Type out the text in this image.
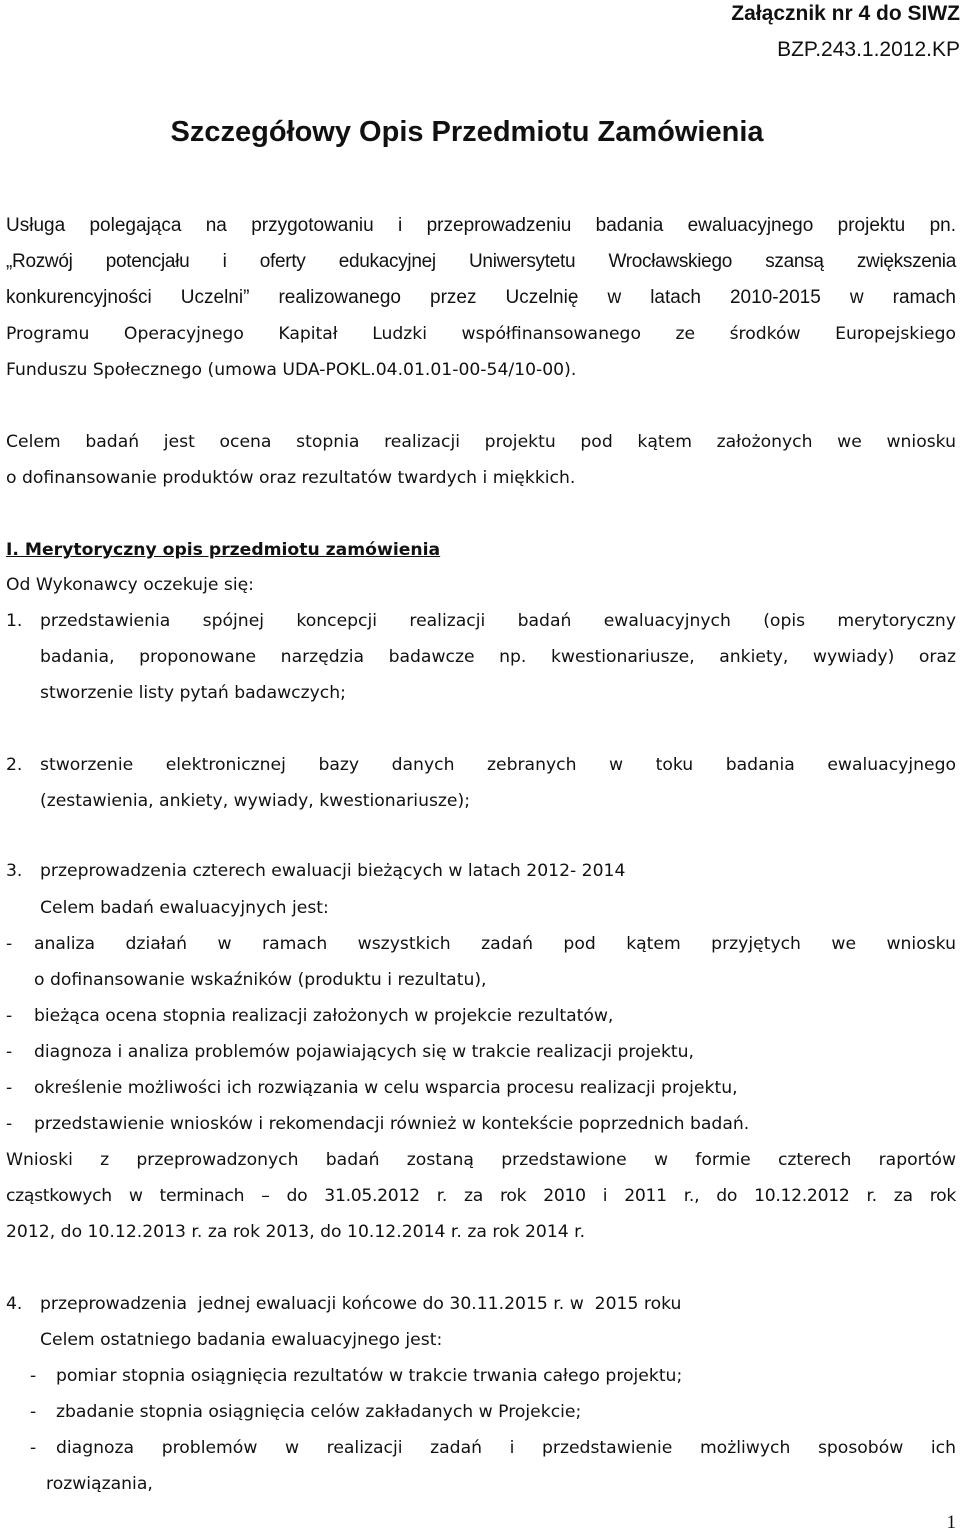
Załącznik nr 4 do SIWZ
BZP.243.1.2012.KP
Szczegółowy Opis Przedmiotu Zamówienia
Usługa polegająca na przygotowaniu i przeprowadzeniu badania ewaluacyjnego projektu pn.
„Rozwój potencjału i oferty edukacyjnej Uniwersytetu Wrocławskiego szansą zwiększenia
konkurencyjności Uczelni” realizowanego przez Uczelnię w latach 2010-2015 w ramach
Programu Operacyjnego Kapitał Ludzki współfinansowanego ze środków Europejskiego
Funduszu Społecznego (umowa UDA-POKL.04.01.01-00-54/10-00).
Celem badań jest ocena stopnia realizacji projektu pod kątem założonych we wniosku
o dofinansowanie produktów oraz rezultatów twardych i miękkich.
I. Merytoryczny opis przedmiotu zamówienia
Od Wykonawcy oczekuje się:
1. przedstawienia spójnej koncepcji realizacji badań ewaluacyjnych (opis merytoryczny
badania, proponowane narzędzia badawcze np. kwestionariusze, ankiety, wywiady) oraz
stworzenie listy pytań badawczych;
2. stworzenie elektronicznej bazy danych zebranych w toku badania ewaluacyjnego
(zestawienia, ankiety, wywiady, kwestionariusze);
3. przeprowadzenia czterech ewaluacji bieżących w latach 2012- 2014
Celem badań ewaluacyjnych jest:
- analiza działań w ramach wszystkich zadań pod kątem przyjętych we wniosku
o dofinansowanie wskaźników (produktu i rezultatu),
- bieżąca ocena stopnia realizacji założonych w projekcie rezultatów,
- diagnoza i analiza problemów pojawiających się w trakcie realizacji projektu,
- określenie możliwości ich rozwiązania w celu wsparcia procesu realizacji projektu,
- przedstawienie wniosków i rekomendacji również w kontekście poprzednich badań.
Wnioski z przeprowadzonych badań zostaną przedstawione w formie czterech raportów
cząstkowych w terminach – do 31.05.2012 r. za rok 2010 i 2011 r., do 10.12.2012 r. za rok
2012, do 10.12.2013 r. za rok 2013, do 10.12.2014 r. za rok 2014 r.
4. przeprowadzenia  jednej ewaluacji końcowe do 30.11.2015 r. w  2015 roku
Celem ostatniego badania ewaluacyjnego jest:
- pomiar stopnia osiągnięcia rezultatów w trakcie trwania całego projektu;
- zbadanie stopnia osiągnięcia celów zakładanych w Projekcie;
- diagnoza problemów w realizacji zadań i przedstawienie możliwych sposobów ich
rozwiązania,
1
